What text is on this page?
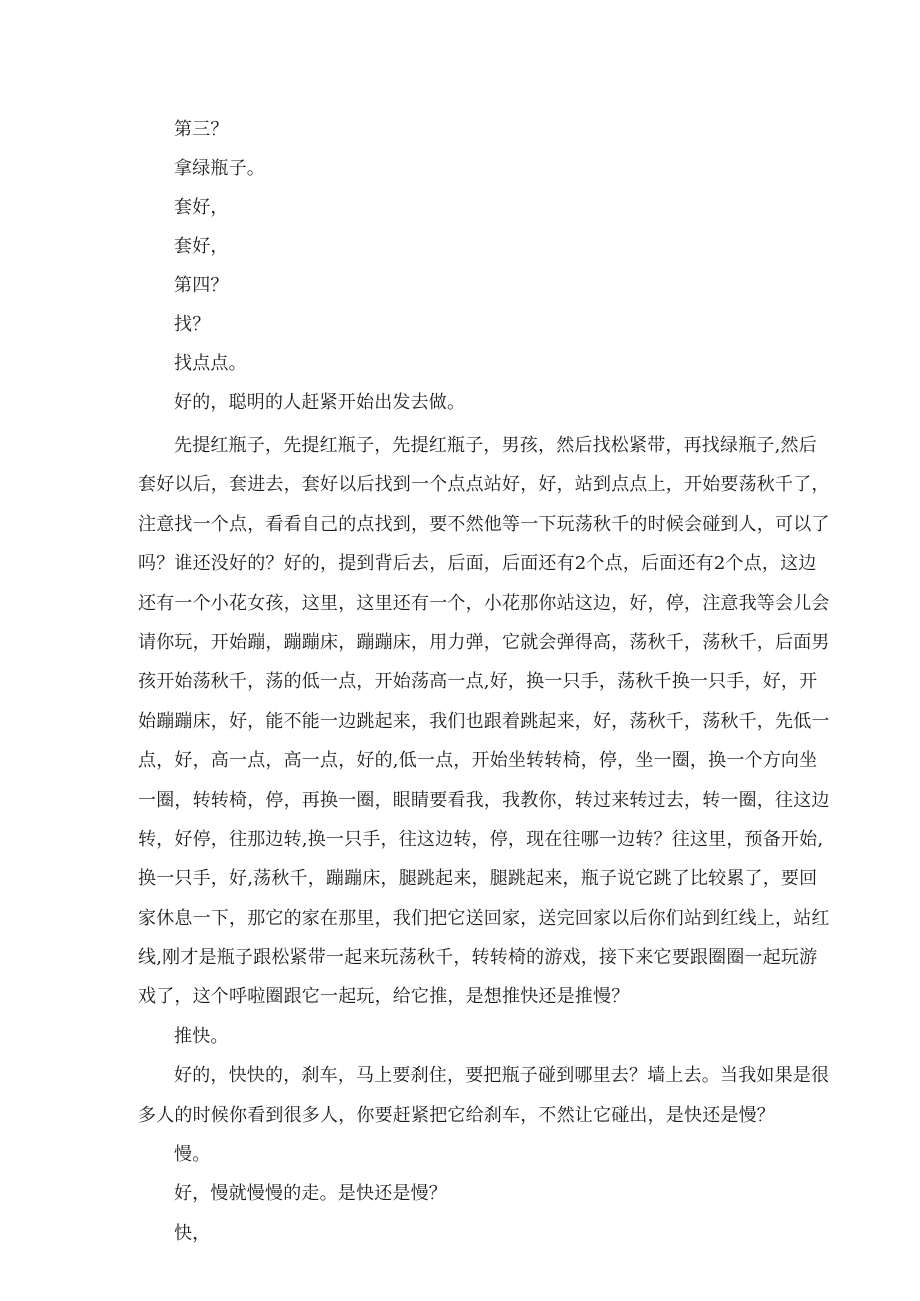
第三？

拿绿瓶子。

套好，

套好，

第四？

找？

找点点。

好的，聪明的人赶紧开始出发去做。

先提红瓶子，先提红瓶子，先提红瓶子，男孩，然后找松紧带，再找绿瓶子,然后
套好以后，套进去，套好以后找到一个点点站好，好，站到点点上，开始要荡秋千了，
注意找一个点，看看自己的点找到，要不然他等一下玩荡秋千的时候会碰到人，可以了
吗？谁还没好的？好的，提到背后去，后面，后面还有2个点，后面还有2个点，这边
还有一个小花女孩，这里，这里还有一个，小花那你站这边，好，停，注意我等会儿会
请你玩，开始蹦，蹦蹦床，蹦蹦床，用力弹，它就会弹得高，荡秋千，荡秋千，后面男
孩开始荡秋千，荡的低一点，开始荡高一点,好，换一只手，荡秋千换一只手，好，开
始蹦蹦床，好，能不能一边跳起来，我们也跟着跳起来，好，荡秋千，荡秋千，先低一
点，好，高一点，高一点，好的,低一点，开始坐转转椅，停，坐一圈，换一个方向坐
一圈，转转椅，停，再换一圈，眼睛要看我，我教你，转过来转过去，转一圈，往这边
转，好停，往那边转,换一只手，往这边转，停，现在往哪一边转？往这里，预备开始,
换一只手，好,荡秋千，蹦蹦床，腿跳起来，腿跳起来，瓶子说它跳了比较累了，要回
家休息一下，那它的家在那里，我们把它送回家，送完回家以后你们站到红线上，站红
线,刚才是瓶子跟松紧带一起来玩荡秋千，转转椅的游戏，接下来它要跟圈圈一起玩游
戏了，这个呼啦圈跟它一起玩，给它推，是想推快还是推慢？
推快。
好的，快快的，刹车，马上要刹住，要把瓶子碰到哪里去？墙上去。当我如果是很
多人的时候你看到很多人，你要赶紧把它给刹车，不然让它碰出，是快还是慢？
慢。
好，慢就慢慢的走。是快还是慢？
快，
